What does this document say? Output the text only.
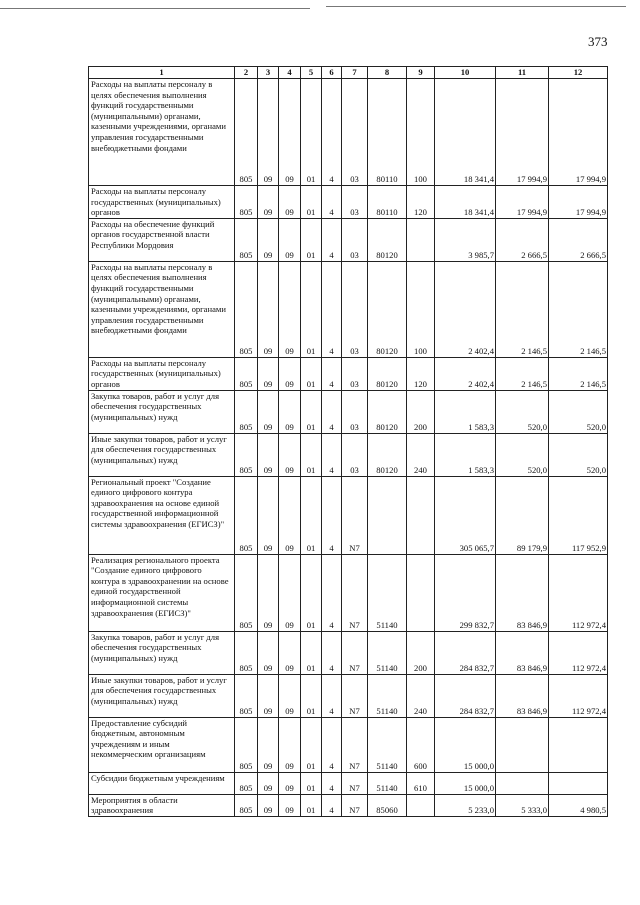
373
1	2	3	4	5	6	7	8	9	10	11	12
Расходы на выплаты персоналу в целях обеспечения выполнения функций государственными (муниципальными) органами, казенными учреждениями, органами управления государственными внебюджетными фондами	805	09	09	01	4	03	80110	100	18 341,4	17 994,9	17 994,9
Расходы на выплаты персоналу государственных (муниципальных) органов	805	09	09	01	4	03	80110	120	18 341,4	17 994,9	17 994,9
Расходы на обеспечение функций органов государственной власти Республики Мордовия	805	09	09	01	4	03	80120		3 985,7	2 666,5	2 666,5
Расходы на выплаты персоналу в целях обеспечения выполнения функций государственными (муниципальными) органами, казенными учреждениями, органами управления государственными внебюджетными фондами	805	09	09	01	4	03	80120	100	2 402,4	2 146,5	2 146,5
Расходы на выплаты персоналу государственных (муниципальных) органов	805	09	09	01	4	03	80120	120	2 402,4	2 146,5	2 146,5
Закупка товаров, работ и услуг для обеспечения государственных (муниципальных) нужд	805	09	09	01	4	03	80120	200	1 583,3	520,0	520,0
Иные закупки товаров, работ и услуг для обеспечения государственных (муниципальных) нужд	805	09	09	01	4	03	80120	240	1 583,3	520,0	520,0
Региональный проект "Создание единого цифрового контура здравоохранения на основе единой государственной информационной системы здравоохранения (ЕГИСЗ)"	805	09	09	01	4	N7			305 065,7	89 179,9	117 952,9
Реализация регионального проекта "Создание единого цифрового контура в здравоохранении на основе единой государственной информационной системы здравоохранения (ЕГИСЗ)"	805	09	09	01	4	N7	51140		299 832,7	83 846,9	112 972,4
Закупка товаров, работ и услуг для обеспечения государственных (муниципальных) нужд	805	09	09	01	4	N7	51140	200	284 832,7	83 846,9	112 972,4
Иные закупки товаров, работ и услуг для обеспечения государственных (муниципальных) нужд	805	09	09	01	4	N7	51140	240	284 832,7	83 846,9	112 972,4
Предоставление субсидий бюджетным, автономным учреждениям и иным некоммерческим организациям	805	09	09	01	4	N7	51140	600	15 000,0		
Субсидии бюджетным учреждениям	805	09	09	01	4	N7	51140	610	15 000,0		
Мероприятия в области здравоохранения	805	09	09	01	4	N7	85060		5 233,0	5 333,0	4 980,5
